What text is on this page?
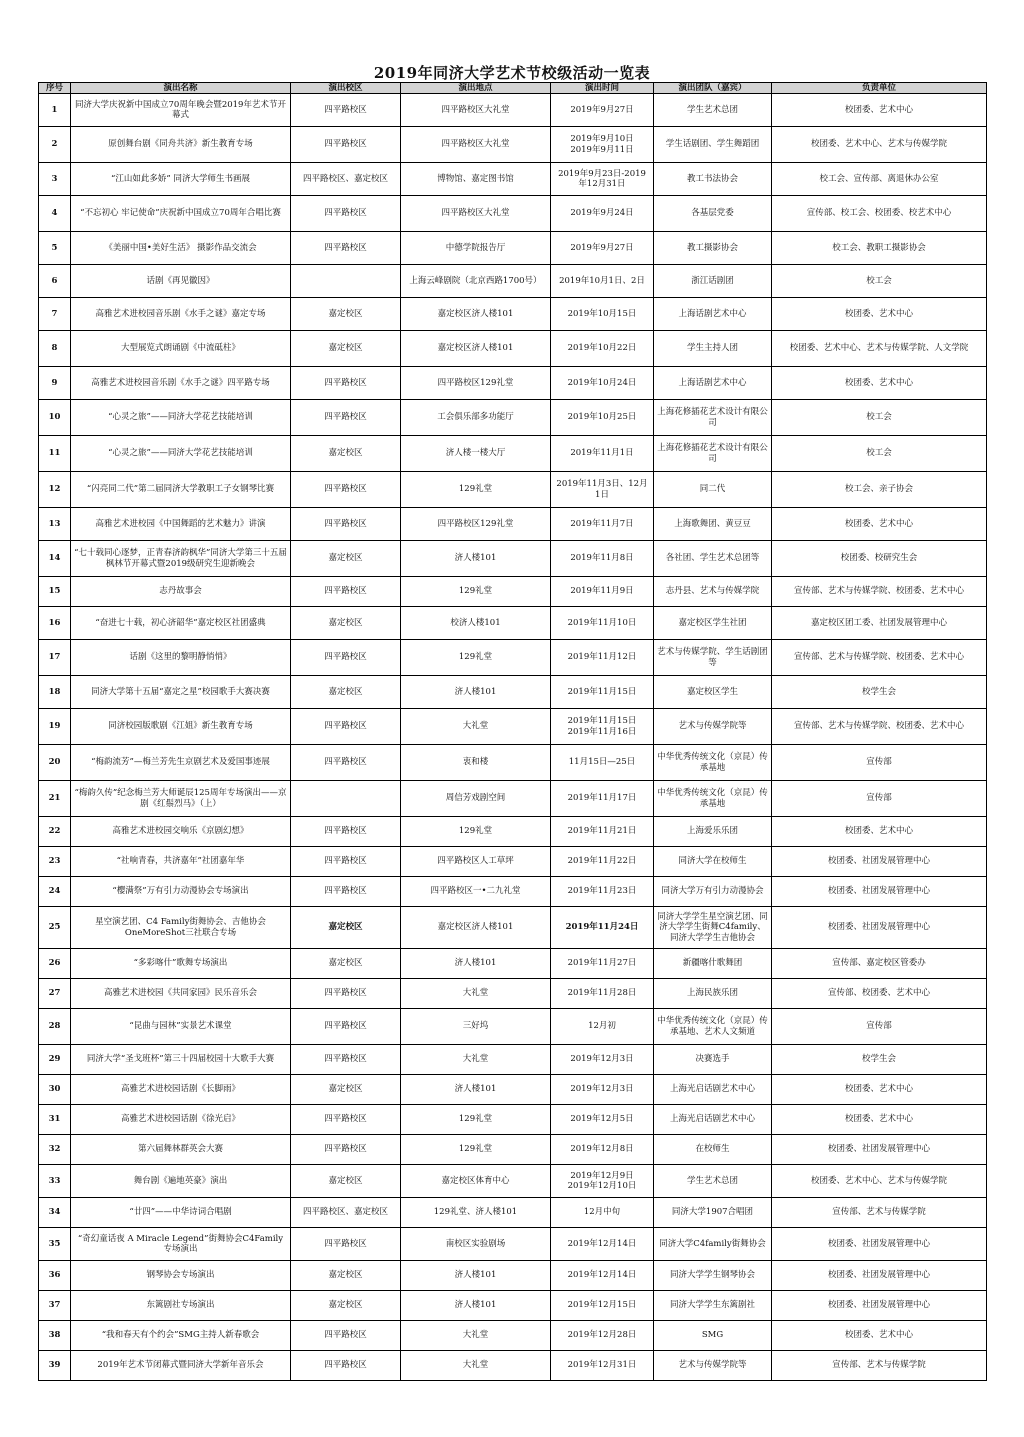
2019年同济大学艺术节校级活动一览表
序号	演出名称	演出校区	演出地点	演出时间	演出团队（嘉宾）	负责单位
1	同济大学庆祝新中国成立70周年晚会暨2019年艺术节开幕式	四平路校区	四平路校区大礼堂	2019年9月27日	学生艺术总团	校团委、艺术中心
2	原创舞台剧《同舟共济》新生教育专场	四平路校区	四平路校区大礼堂	2019年9月10日
2019年9月11日	学生话剧团、学生舞蹈团	校团委、艺术中心、艺术与传媒学院
3	“江山如此多娇” 同济大学师生书画展	四平路校区、嘉定校区	博物馆、嘉定图书馆	2019年9月23日-2019年12月31日	教工书法协会	校工会、宣传部、离退休办公室
4	“不忘初心 牢记使命”庆祝新中国成立70周年合唱比赛	四平路校区	四平路校区大礼堂	2019年9月24日	各基层党委	宣传部、校工会、校团委、校艺术中心
5	《美丽中国•美好生活》 摄影作品交流会	四平路校区	中德学院报告厅	2019年9月27日	教工摄影协会	校工会、教职工摄影协会
6	话剧《再见徽因》		上海云峰剧院（北京西路1700号）	2019年10月1日、2日	浙江话剧团	校工会
7	高雅艺术进校园音乐剧《水手之谜》嘉定专场	嘉定校区	嘉定校区济人楼101	2019年10月15日	上海话剧艺术中心	校团委、艺术中心
8	大型展览式朗诵剧《中流砥柱》	嘉定校区	嘉定校区济人楼101	2019年10月22日	学生主持人团	校团委、艺术中心、艺术与传媒学院、人文学院
9	高雅艺术进校园音乐剧《水手之谜》四平路专场	四平路校区	四平路校区129礼堂	2019年10月24日	上海话剧艺术中心	校团委、艺术中心
10	“心灵之旅”——同济大学花艺技能培训	四平路校区	工会俱乐部多功能厅	2019年10月25日	上海花修插花艺术设计有限公司	校工会
11	“心灵之旅”——同济大学花艺技能培训	嘉定校区	济人楼一楼大厅	2019年11月1日	上海花修插花艺术设计有限公司	校工会
12	“闪亮同二代”第二届同济大学教职工子女钢琴比赛	四平路校区	129礼堂	2019年11月3日、12月1日	同二代	校工会、亲子协会
13	高雅艺术进校园《中国舞蹈的艺术魅力》讲演	四平路校区	四平路校区129礼堂	2019年11月7日	上海歌舞团、黄豆豆	校团委、艺术中心
14	“七十载同心逐梦，正青春济韵枫华”同济大学第三十五届枫林节开幕式暨2019级研究生迎新晚会	嘉定校区	济人楼101	2019年11月8日	各社团、学生艺术总团等	校团委、校研究生会
15	志丹故事会	四平路校区	129礼堂	2019年11月9日	志丹县、艺术与传媒学院	宣传部、艺术与传媒学院、校团委、艺术中心
16	“奋进七十载，初心济韶华”嘉定校区社团盛典	嘉定校区	校济人楼101	2019年11月10日	嘉定校区学生社团	嘉定校区团工委、社团发展管理中心
17	话剧《这里的黎明静悄悄》	四平路校区	129礼堂	2019年11月12日	艺术与传媒学院、学生话剧团等	宣传部、艺术与传媒学院、校团委、艺术中心
18	同济大学第十五届“嘉定之星”校园歌手大赛决赛	嘉定校区	济人楼101	2019年11月15日	嘉定校区学生	校学生会
19	同济校园版歌剧《江姐》新生教育专场	四平路校区	大礼堂	2019年11月15日
2019年11月16日	艺术与传媒学院等	宣传部、艺术与传媒学院、校团委、艺术中心
20	“梅韵流芳”—梅兰芳先生京剧艺术及爱国事迹展	四平路校区	衷和楼	11月15日—25日	中华优秀传统文化（京昆）传承基地	宣传部
21	“梅韵久传”纪念梅兰芳大师诞辰125周年专场演出——京剧《红鬃烈马》（上）		周信芳戏剧空间	2019年11月17日	中华优秀传统文化（京昆）传承基地	宣传部
22	高雅艺术进校园交响乐《京剧幻想》	四平路校区	129礼堂	2019年11月21日	上海爱乐乐团	校团委、艺术中心
23	“社响青春，共济嘉年”社团嘉年华	四平路校区	四平路校区人工草坪	2019年11月22日	同济大学在校师生	校团委、社团发展管理中心
24	“樱满祭”万有引力动漫协会专场演出	四平路校区	四平路校区一•二九礼堂	2019年11月23日	同济大学万有引力动漫协会	校团委、社团发展管理中心
25	星空演艺团、C4 Family街舞协会、吉他协会OneMoreShot三社联合专场	嘉定校区	嘉定校区济人楼101	2019年11月24日	同济大学学生星空演艺团、同济大学学生街舞C4family、同济大学学生吉他协会	校团委、社团发展管理中心
26	“多彩喀什”歌舞专场演出	嘉定校区	济人楼101	2019年11月27日	新疆喀什歌舞团	宣传部、嘉定校区管委办
27	高雅艺术进校园《共同家园》民乐音乐会	四平路校区	大礼堂	2019年11月28日	上海民族乐团	宣传部、校团委、艺术中心
28	“昆曲与园林”实景艺术课堂	四平路校区	三好坞	12月初	中华优秀传统文化（京昆）传承基地、艺术人文频道	宣传部
29	同济大学“圣戈班杯”第三十四届校园十大歌手大赛	四平路校区	大礼堂	2019年12月3日	决赛选手	校学生会
30	高雅艺术进校园话剧《长脚雨》	嘉定校区	济人楼101	2019年12月3日	上海光启话剧艺术中心	校团委、艺术中心
31	高雅艺术进校园话剧《徐光启》	四平路校区	129礼堂	2019年12月5日	上海光启话剧艺术中心	校团委、艺术中心
32	第六届舞林群英会大赛	四平路校区	129礼堂	2019年12月8日	在校师生	校团委、社团发展管理中心
33	舞台剧《遍地英豪》演出	嘉定校区	嘉定校区体育中心	2019年12月9日
2019年12月10日	学生艺术总团	校团委、艺术中心、艺术与传媒学院
34	“廿四”——中华诗词合唱剧	四平路校区、嘉定校区	129礼堂、济人楼101	12月中旬	同济大学1907合唱团	宣传部、艺术与传媒学院
35	“奇幻童话夜 A Miracle Legend”街舞协会C4Family专场演出	四平路校区	南校区实验剧场	2019年12月14日	同济大学C4family街舞协会	校团委、社团发展管理中心
36	钢琴协会专场演出	嘉定校区	济人楼101	2019年12月14日	同济大学学生钢琴协会	校团委、社团发展管理中心
37	东篱剧社专场演出	嘉定校区	济人楼101	2019年12月15日	同济大学学生东篱剧社	校团委、社团发展管理中心
38	“我和春天有个约会”SMG主持人新春歌会	四平路校区	大礼堂	2019年12月28日	SMG	校团委、艺术中心
39	2019年艺术节闭幕式暨同济大学新年音乐会	四平路校区	大礼堂	2019年12月31日	艺术与传媒学院等	宣传部、艺术与传媒学院
